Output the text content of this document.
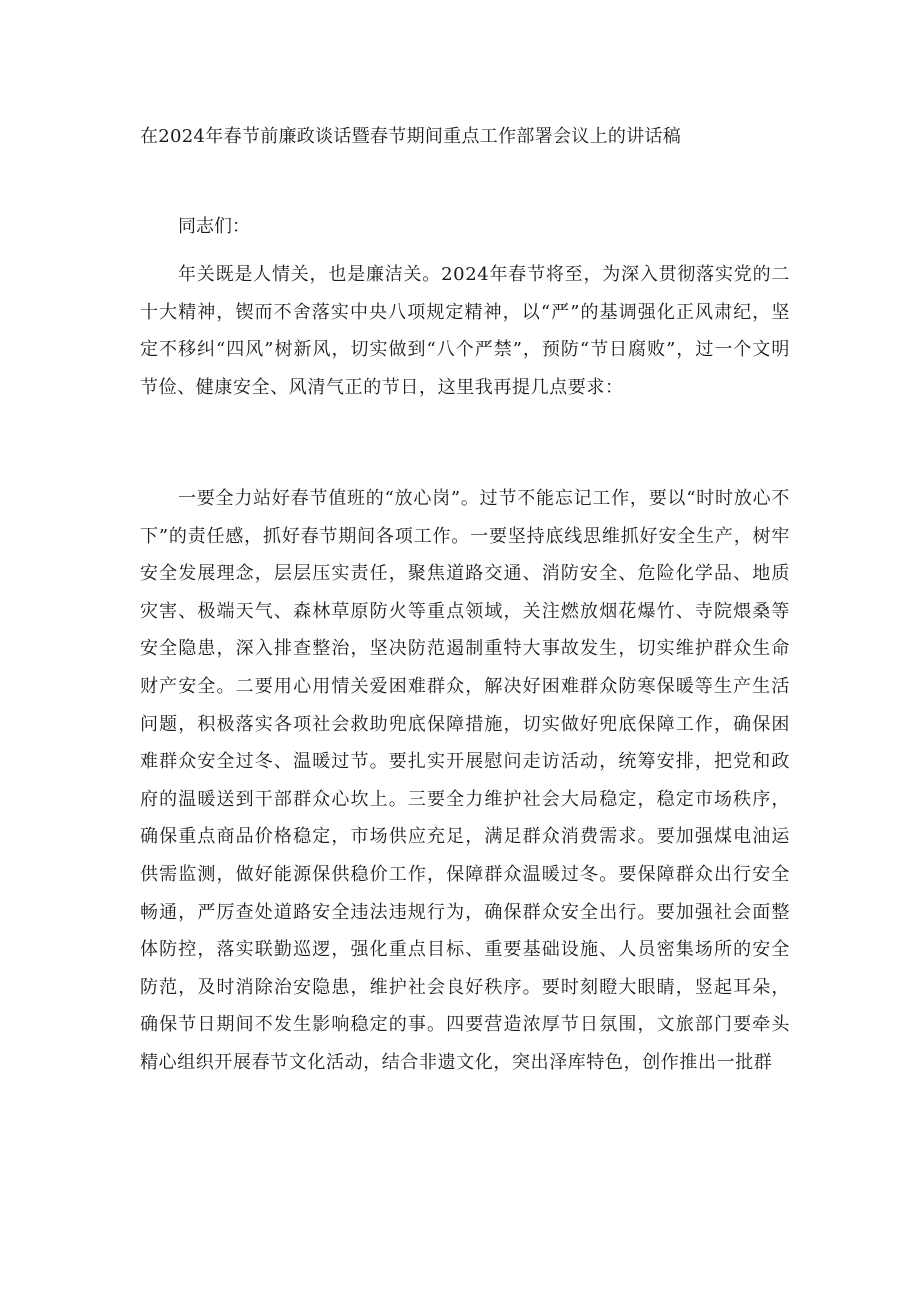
在2024年春节前廉政谈话暨春节期间重点工作部署会议上的讲话稿
同志们：
年关既是人情关，也是廉洁关。2024年春节将至，为深入贯彻落实党的二十大精神，锲而不舍落实中央八项规定精神，以“严”的基调强化正风肃纪，坚定不移纠“四风”树新风，切实做到“八个严禁”，预防“节日腐败”，过一个文明节俭、健康安全、风清气正的节日，这里我再提几点要求：
一要全力站好春节值班的“放心岗”。过节不能忘记工作，要以“时时放心不下”的责任感，抓好春节期间各项工作。一要坚持底线思维抓好安全生产，树牢安全发展理念，层层压实责任，聚焦道路交通、消防安全、危险化学品、地质灾害、极端天气、森林草原防火等重点领域，关注燃放烟花爆竹、寺院煨桑等安全隐患，深入排查整治，坚决防范遏制重特大事故发生，切实维护群众生命财产安全。二要用心用情关爱困难群众，解决好困难群众防寒保暖等生产生活问题，积极落实各项社会救助兜底保障措施，切实做好兜底保障工作，确保困难群众安全过冬、温暖过节。要扎实开展慰问走访活动，统筹安排，把党和政府的温暖送到干部群众心坎上。三要全力维护社会大局稳定，稳定市场秩序，确保重点商品价格稳定，市场供应充足，满足群众消费需求。要加强煤电油运供需监测，做好能源保供稳价工作，保障群众温暖过冬。要保障群众出行安全畅通，严厉查处道路安全违法违规行为，确保群众安全出行。要加强社会面整体防控，落实联勤巡逻，强化重点目标、重要基础设施、人员密集场所的安全防范，及时消除治安隐患，维护社会良好秩序。要时刻瞪大眼睛，竖起耳朵，确保节日期间不发生影响稳定的事。四要营造浓厚节日氛围，文旅部门要牵头精心组织开展春节文化活动，结合非遗文化，突出泽库特色，创作推出一批群
